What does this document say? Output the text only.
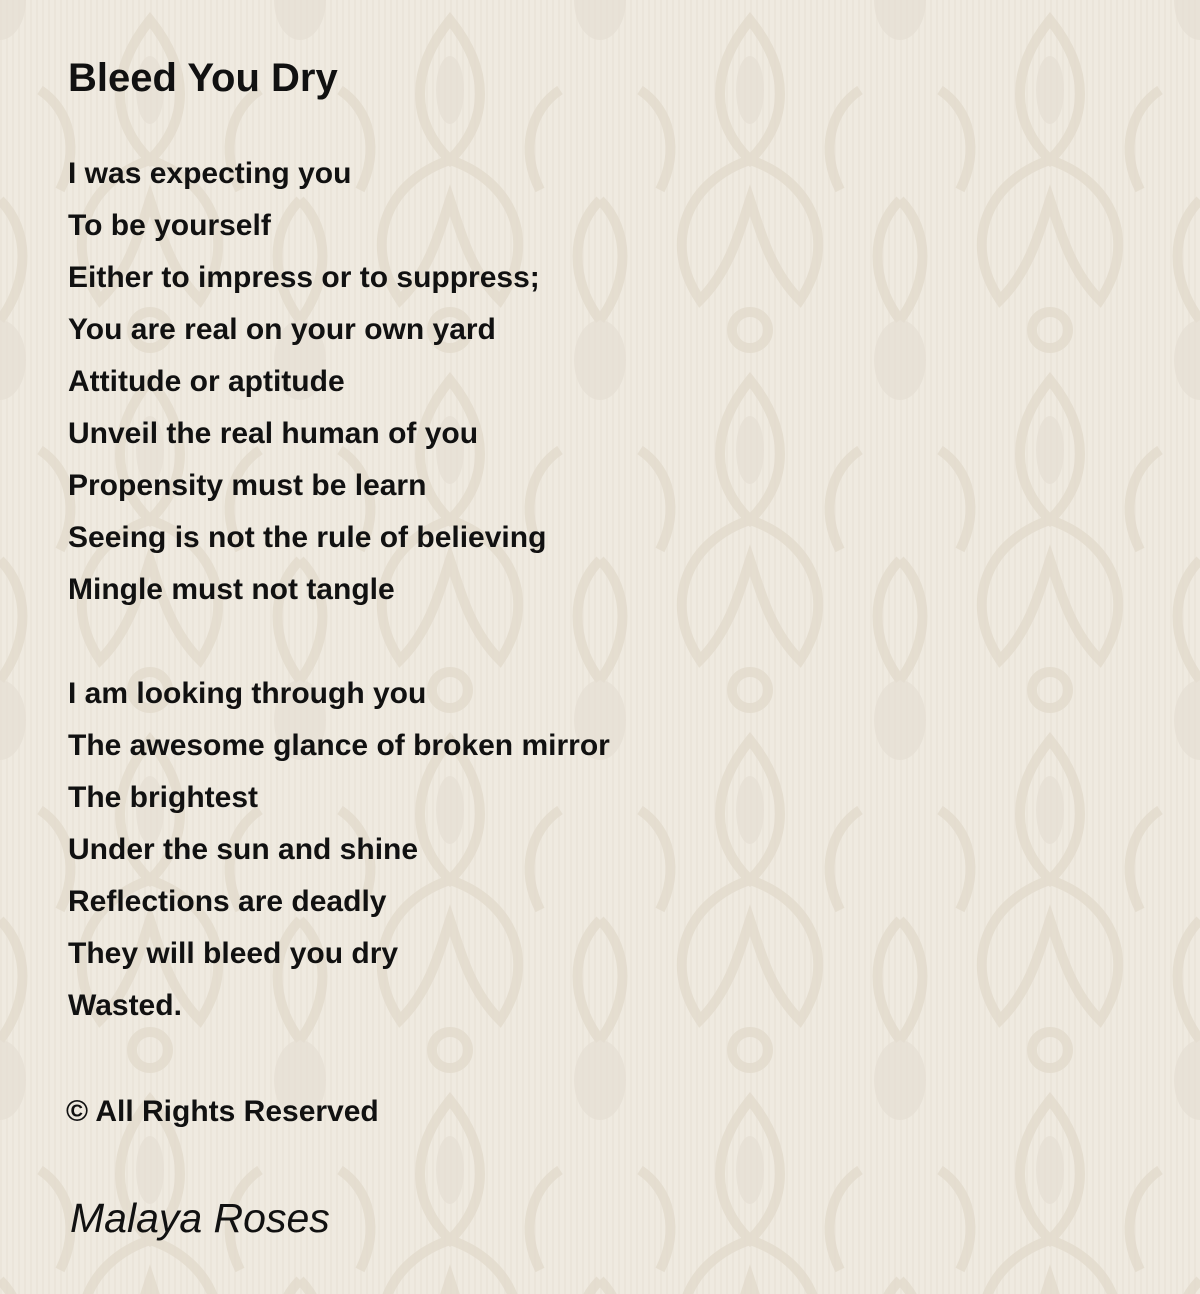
Bleed You Dry
I was expecting you
To be yourself
Either to impress or to suppress;
You are real on your own yard
Attitude or aptitude
Unveil the real human of you
Propensity must be learn
Seeing is not the rule of believing
Mingle must not tangle
I am looking through you
The awesome glance of broken mirror
The brightest
Under the sun and shine
Reflections are deadly
They will bleed you dry
Wasted.
© All Rights Reserved
Malaya Roses
